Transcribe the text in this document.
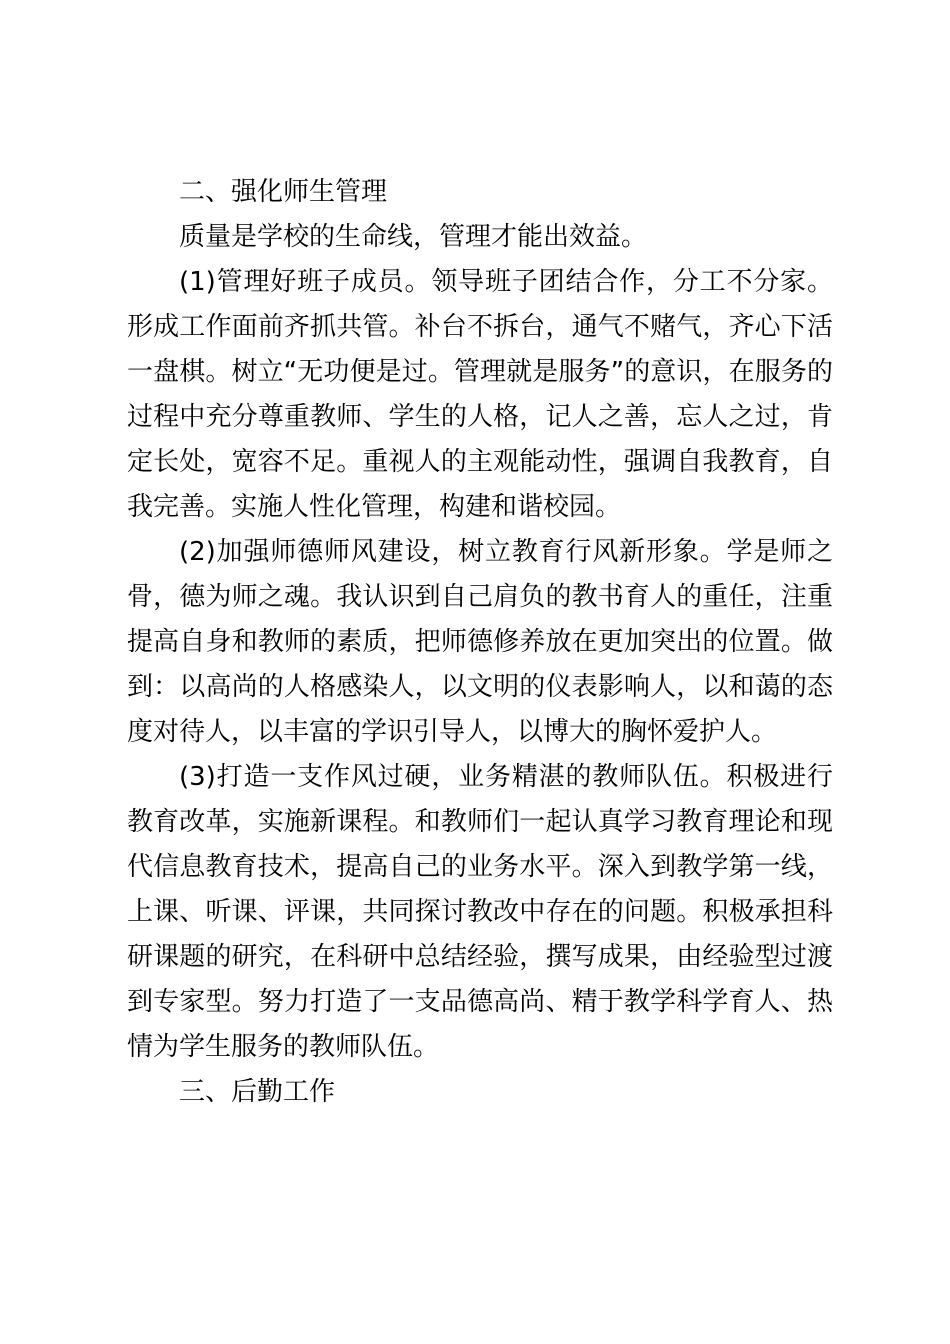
二、强化师生管理

质量是学校的生命线，管理才能出效益。

(1)管理好班子成员。领导班子团结合作，分工不分家。形成工作面前齐抓共管。补台不拆台，通气不赌气，齐心下活一盘棋。树立“无功便是过。管理就是服务”的意识，在服务的过程中充分尊重教师、学生的人格，记人之善，忘人之过，肯定长处，宽容不足。重视人的主观能动性，强调自我教育，自我完善。实施人性化管理，构建和谐校园。

(2)加强师德师风建设，树立教育行风新形象。学是师之骨，德为师之魂。我认识到自己肩负的教书育人的重任，注重提高自身和教师的素质，把师德修养放在更加突出的位置。做到：以高尚的人格感染人，以文明的仪表影响人，以和蔼的态度对待人，以丰富的学识引导人，以博大的胸怀爱护人。

(3)打造一支作风过硬，业务精湛的教师队伍。积极进行教育改革，实施新课程。和教师们一起认真学习教育理论和现代信息教育技术，提高自己的业务水平。深入到教学第一线，上课、听课、评课，共同探讨教改中存在的问题。积极承担科研课题的研究，在科研中总结经验，撰写成果，由经验型过渡到专家型。努力打造了一支品德高尚、精于教学科学育人、热情为学生服务的教师队伍。

三、后勤工作
